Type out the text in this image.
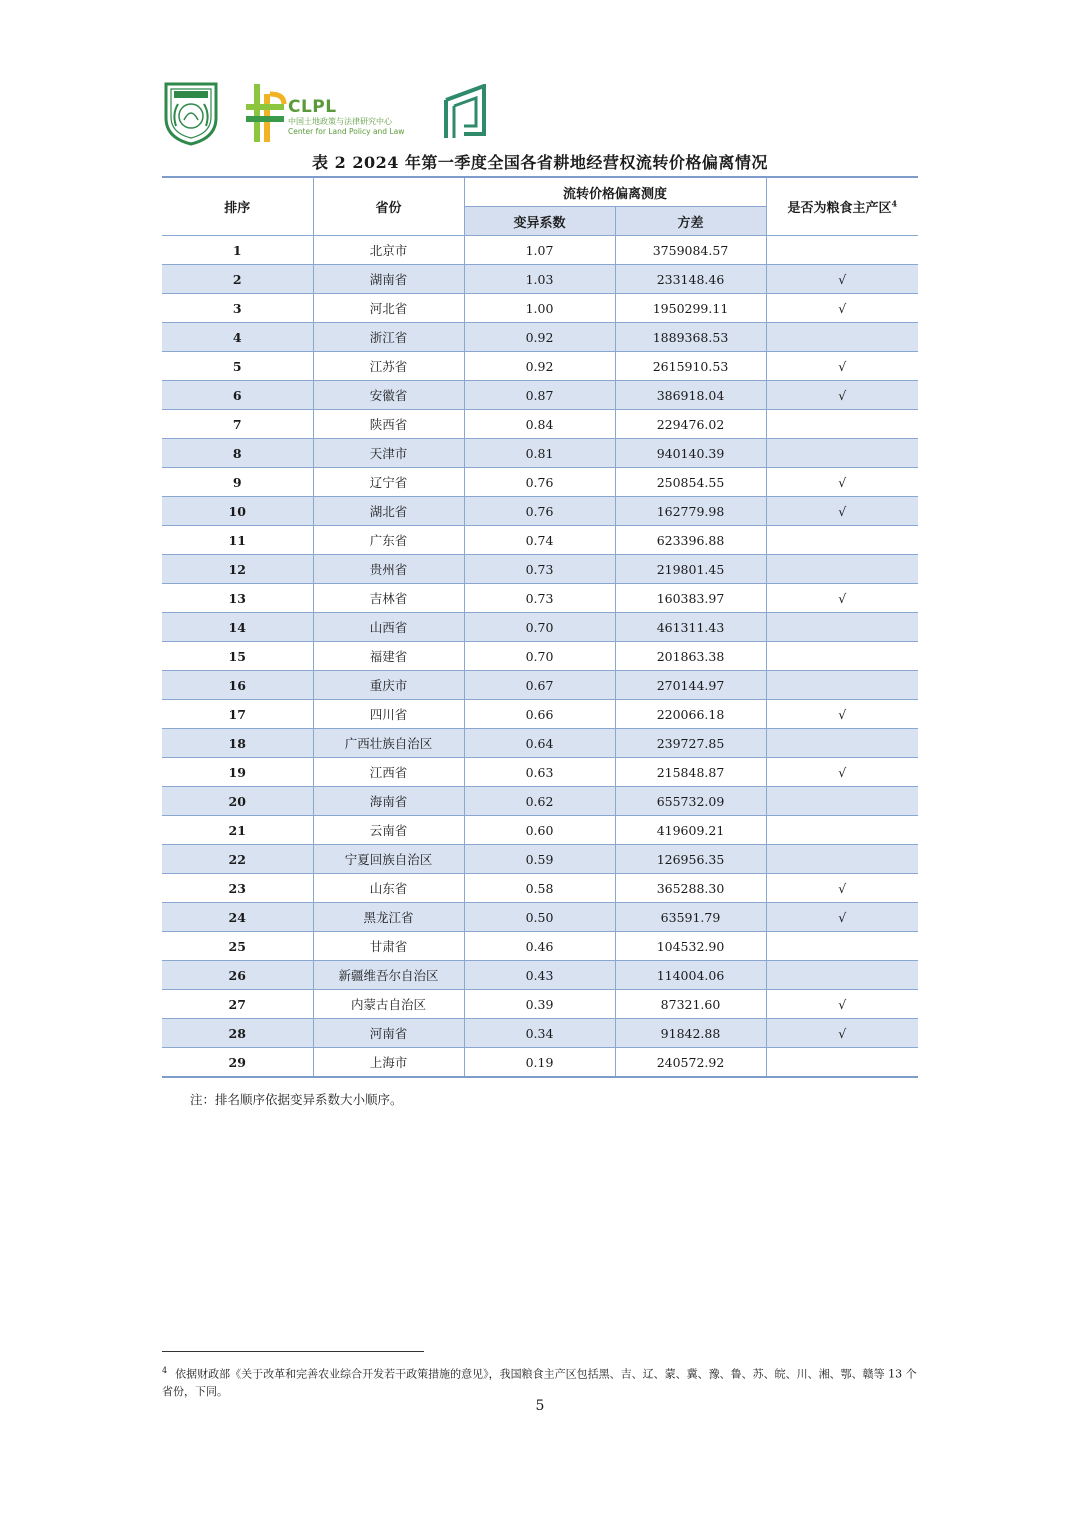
CLPL
中国土地政策与法律研究中心
Center for Land Policy and Law
表 2 2024 年第一季度全国各省耕地经营权流转价格偏离情况
排序	省份	流转价格偏离测度		是否为粮食主产区$^4$
		变异系数	方差	
1	北京市	1.07	3759084.57	
2	湖南省	1.03	233148.46	√
3	河北省	1.00	1950299.11	√
4	浙江省	0.92	1889368.53	
5	江苏省	0.92	2615910.53	√
6	安徽省	0.87	386918.04	√
7	陕西省	0.84	229476.02	
8	天津市	0.81	940140.39	
9	辽宁省	0.76	250854.55	√
10	湖北省	0.76	162779.98	√
11	广东省	0.74	623396.88	
12	贵州省	0.73	219801.45	
13	吉林省	0.73	160383.97	√
14	山西省	0.70	461311.43	
15	福建省	0.70	201863.38	
16	重庆市	0.67	270144.97	
17	四川省	0.66	220066.18	√
18	广西壮族自治区	0.64	239727.85	
19	江西省	0.63	215848.87	√
20	海南省	0.62	655732.09	
21	云南省	0.60	419609.21	
22	宁夏回族自治区	0.59	126956.35	
23	山东省	0.58	365288.30	√
24	黑龙江省	0.50	63591.79	√
25	甘肃省	0.46	104532.90	
26	新疆维吾尔自治区	0.43	114004.06	
27	内蒙古自治区	0.39	87321.60	√
28	河南省	0.34	91842.88	√
29	上海市	0.19	240572.92	
注：排名顺序依据变异系数大小顺序。
$^4$ 依据财政部《关于改革和完善农业综合开发若干政策措施的意见》，我国粮食主产区包括黑、吉、辽、蒙、冀、豫、鲁、苏、皖、川、湘、鄂、赣等 13 个省份，下同。
5
